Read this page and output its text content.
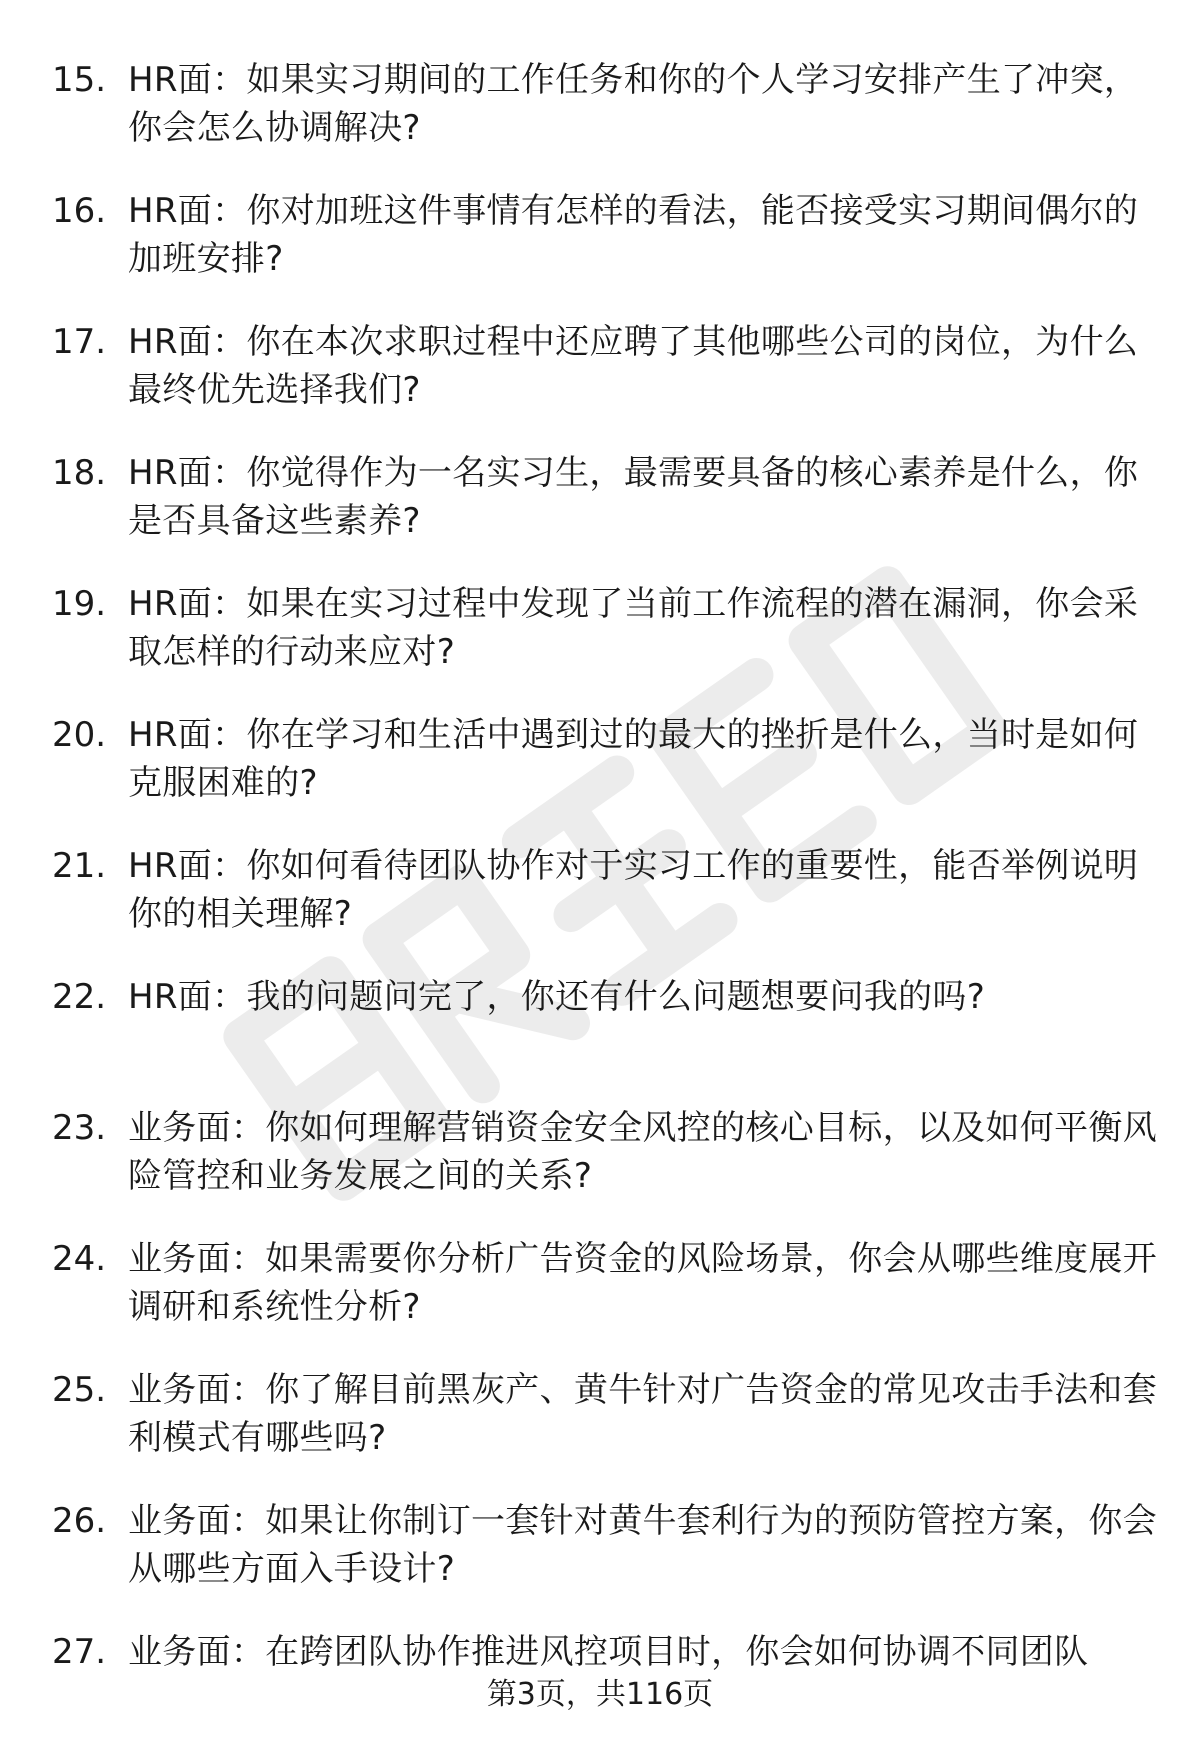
15. HR面：如果实习期间的工作任务和你的个人学习安排产生了冲突，你会怎么协调解决?
16. HR面：你对加班这件事情有怎样的看法，能否接受实习期间偶尔的加班安排?
17. HR面：你在本次求职过程中还应聘了其他哪些公司的岗位，为什么最终优先选择我们?
18. HR面：你觉得作为一名实习生，最需要具备的核心素养是什么，你是否具备这些素养?
19. HR面：如果在实习过程中发现了当前工作流程的潜在漏洞，你会采取怎样的行动来应对?
20. HR面：你在学习和生活中遇到过的最大的挫折是什么，当时是如何克服困难的?
21. HR面：你如何看待团队协作对于实习工作的重要性，能否举例说明你的相关理解?
22. HR面：我的问题问完了，你还有什么问题想要问我的吗?
23. 业务面：你如何理解营销资金安全风控的核心目标，以及如何平衡风险管控和业务发展之间的关系?
24. 业务面：如果需要你分析广告资金的风险场景，你会从哪些维度展开调研和系统性分析?
25. 业务面：你了解目前黑灰产、黄牛针对广告资金的常见攻击手法和套利模式有哪些吗?
26. 业务面：如果让你制订一套针对黄牛套利行为的预防管控方案，你会从哪些方面入手设计?
27. 业务面：在跨团队协作推进风控项目时，你会如何协调不同团队
第3页，共116页
